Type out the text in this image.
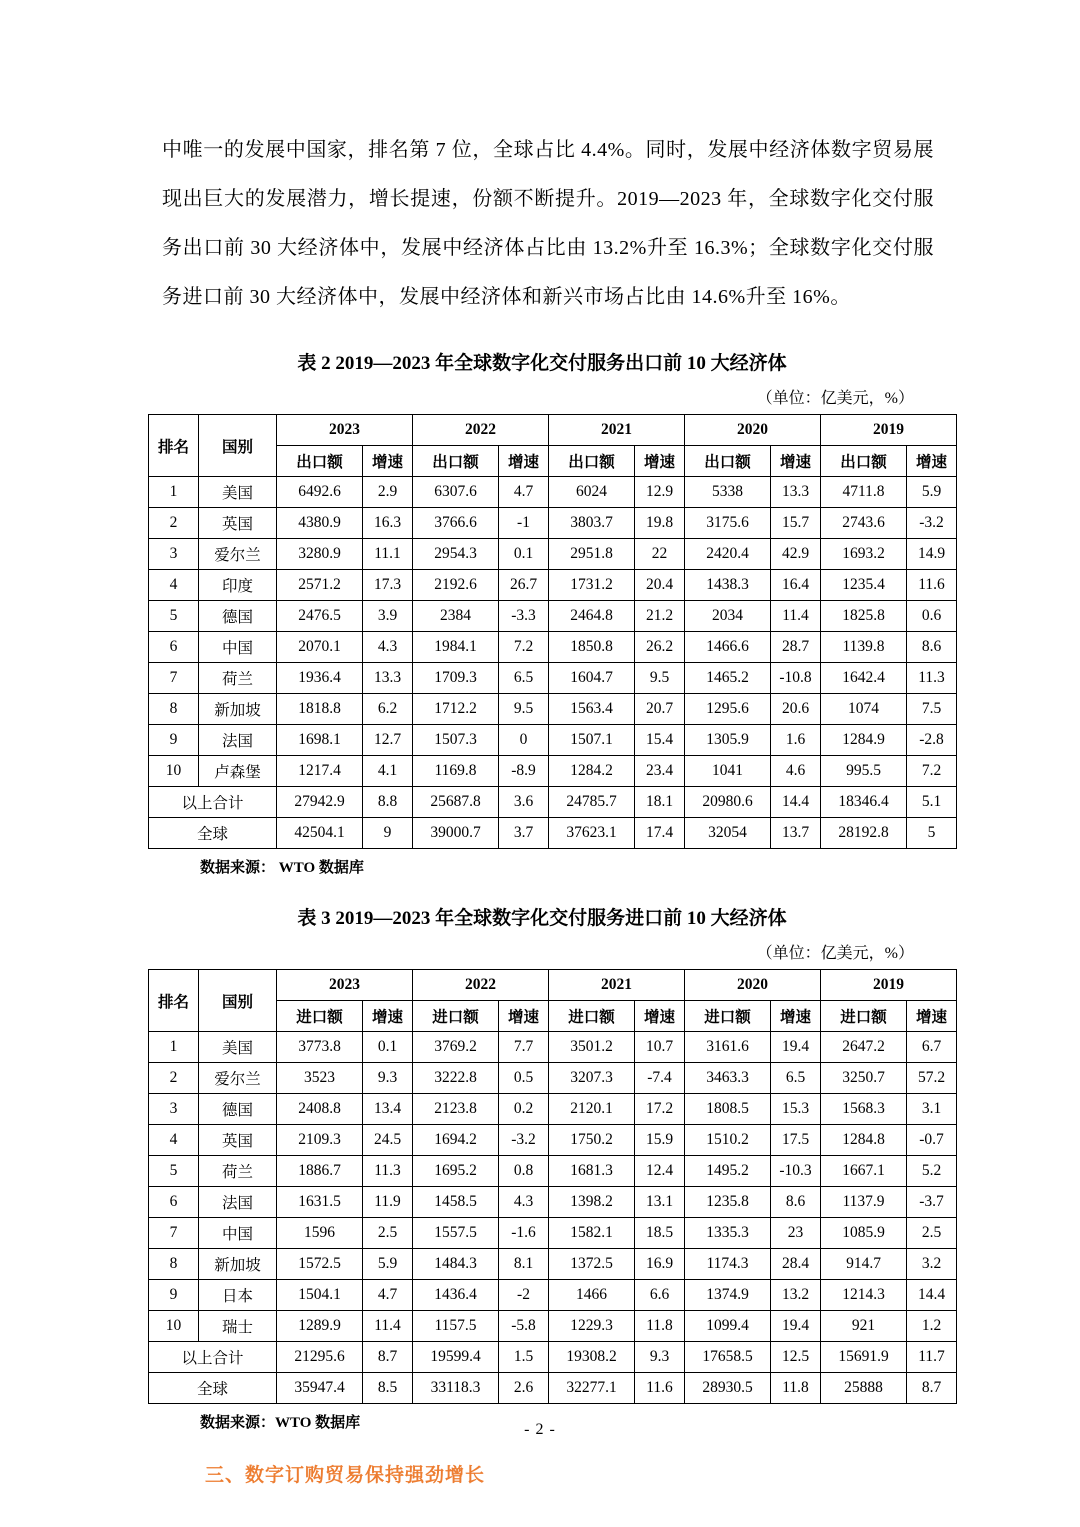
中唯一的发展中国家，排名第 7 位，全球占比 4.4%。同时，发展中经济体数字贸易展现出巨大的发展潜力，增长提速，份额不断提升。2019—2023 年，全球数字化交付服务出口前 30 大经济体中，发展中经济体占比由 13.2%升至 16.3%；全球数字化交付服务进口前 30 大经济体中，发展中经济体和新兴市场占比由 14.6%升至 16%。

表 2 2019—2023 年全球数字化交付服务出口前 10 大经济体
（单位：亿美元，%）
排名	国别	2023		2022		2021		2020		2019	
		出口额	增速	出口额	增速	出口额	增速	出口额	增速	出口额	增速
1	美国	6492.6	2.9	6307.6	4.7	6024	12.9	5338	13.3	4711.8	5.9
2	英国	4380.9	16.3	3766.6	-1	3803.7	19.8	3175.6	15.7	2743.6	-3.2
3	爱尔兰	3280.9	11.1	2954.3	0.1	2951.8	22	2420.4	42.9	1693.2	14.9
4	印度	2571.2	17.3	2192.6	26.7	1731.2	20.4	1438.3	16.4	1235.4	11.6
5	德国	2476.5	3.9	2384	-3.3	2464.8	21.2	2034	11.4	1825.8	0.6
6	中国	2070.1	4.3	1984.1	7.2	1850.8	26.2	1466.6	28.7	1139.8	8.6
7	荷兰	1936.4	13.3	1709.3	6.5	1604.7	9.5	1465.2	-10.8	1642.4	11.3
8	新加坡	1818.8	6.2	1712.2	9.5	1563.4	20.7	1295.6	20.6	1074	7.5
9	法国	1698.1	12.7	1507.3	0	1507.1	15.4	1305.9	1.6	1284.9	-2.8
10	卢森堡	1217.4	4.1	1169.8	-8.9	1284.2	23.4	1041	4.6	995.5	7.2
以上合计		27942.9	8.8	25687.8	3.6	24785.7	18.1	20980.6	14.4	18346.4	5.1
全球		42504.1	9	39000.7	3.7	37623.1	17.4	32054	13.7	28192.8	5
数据来源： WTO 数据库
表 3 2019—2023 年全球数字化交付服务进口前 10 大经济体
（单位：亿美元，%）
排名	国别	2023		2022		2021		2020		2019	
		进口额	增速	进口额	增速	进口额	增速	进口额	增速	进口额	增速
1	美国	3773.8	0.1	3769.2	7.7	3501.2	10.7	3161.6	19.4	2647.2	6.7
2	爱尔兰	3523	9.3	3222.8	0.5	3207.3	-7.4	3463.3	6.5	3250.7	57.2
3	德国	2408.8	13.4	2123.8	0.2	2120.1	17.2	1808.5	15.3	1568.3	3.1
4	英国	2109.3	24.5	1694.2	-3.2	1750.2	15.9	1510.2	17.5	1284.8	-0.7
5	荷兰	1886.7	11.3	1695.2	0.8	1681.3	12.4	1495.2	-10.3	1667.1	5.2
6	法国	1631.5	11.9	1458.5	4.3	1398.2	13.1	1235.8	8.6	1137.9	-3.7
7	中国	1596	2.5	1557.5	-1.6	1582.1	18.5	1335.3	23	1085.9	2.5
8	新加坡	1572.5	5.9	1484.3	8.1	1372.5	16.9	1174.3	28.4	914.7	3.2
9	日本	1504.1	4.7	1436.4	-2	1466	6.6	1374.9	13.2	1214.3	14.4
10	瑞士	1289.9	11.4	1157.5	-5.8	1229.3	11.8	1099.4	19.4	921	1.2
以上合计		21295.6	8.7	19599.4	1.5	19308.2	9.3	17658.5	12.5	15691.9	11.7
全球		35947.4	8.5	33118.3	2.6	32277.1	11.6	28930.5	11.8	25888	8.7
数据来源：WTO 数据库
三、数字订购贸易保持强劲增长
- 2 -
